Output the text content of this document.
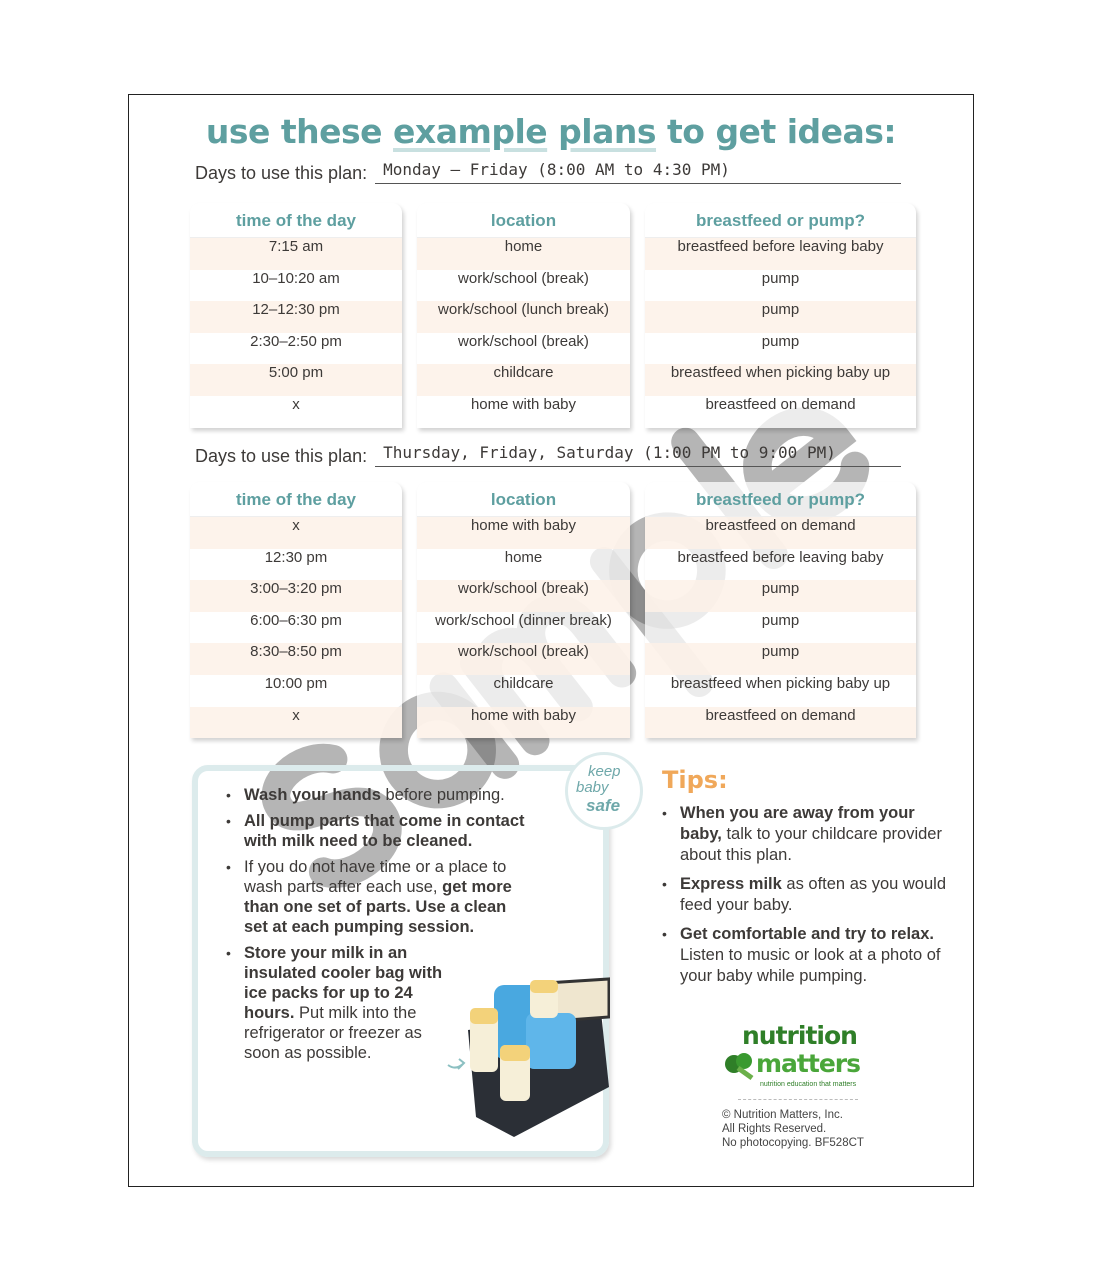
use these example plans to get ideas:
Days to use this plan:	Monday – Friday (8:00 AM to 4:30 PM)
time of the day
7:15 am
10–10:20 am
12–12:30 pm
2:30–2:50 pm
5:00 pm
x
location
home
work/school (break)
work/school (lunch break)
work/school (break)
childcare
home with baby
breastfeed or pump?
breastfeed before leaving baby
pump
pump
pump
breastfeed when picking baby up
breastfeed on demand
Days to use this plan:	Thursday, Friday, Saturday (1:00 PM to 9:00 PM)
time of the day
x
12:30 pm
3:00–3:20 pm
6:00–6:30 pm
8:30–8:50 pm
10:00 pm
x
location
home with baby
home
work/school (break)
work/school (dinner break)
work/school (break)
childcare
home with baby
breastfeed or pump?
breastfeed on demand
breastfeed before leaving baby
pump
pump
pump
breastfeed when picking baby up
breastfeed on demand
• Wash your hands before pumping.
• All pump parts that come in contact with milk need to be cleaned.
• If you do not have time or a place to wash parts after each use, get more than one set of parts. Use a clean set at each pumping session.
• Store your milk in an insulated cooler bag with ice packs for up to 24 hours. Put milk into the refrigerator or freezer as soon as possible.
keep
baby
safe
Tips:
• When you are away from your baby, talk to your childcare provider about this plan.
• Express milk as often as you would feed your baby.
• Get comfortable and try to relax. Listen to music or look at a photo of your baby while pumping.
nutrition
matters
nutrition education that matters
© Nutrition Matters, Inc.
All Rights Reserved.
No photocopying. BF528CT
